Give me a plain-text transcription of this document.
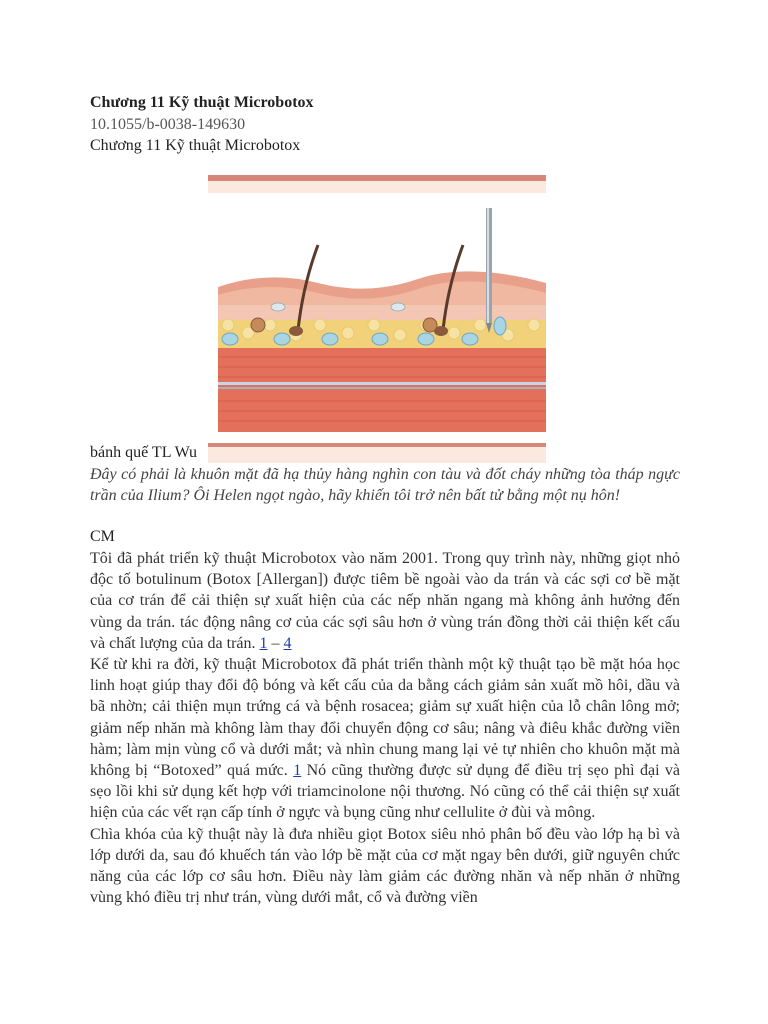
Chương 11 Kỹ thuật Microbotox
10.1055/b-0038-149630
Chương 11 Kỹ thuật Microbotox
bánh quế TL Wu
Đây có phải là khuôn mặt đã hạ thủy hàng nghìn con tàu và đốt cháy những tòa tháp ngực trần của Ilium? Ôi Helen ngọt ngào, hãy khiến tôi trở nên bất tử bằng một nụ hôn!
CM

Tôi đã phát triển kỹ thuật Microbotox vào năm 2001. Trong quy trình này, những giọt nhỏ độc tố botulinum (Botox [Allergan]) được tiêm bề ngoài vào da trán và các sợi cơ bề mặt của cơ trán để cải thiện sự xuất hiện của các nếp nhăn ngang mà không ảnh hưởng đến vùng da trán. tác động nâng cơ của các sợi sâu hơn ở vùng trán đồng thời cải thiện kết cấu và chất lượng của da trán. 1 – 4

Kể từ khi ra đời, kỹ thuật Microbotox đã phát triển thành một kỹ thuật tạo bề mặt hóa học linh hoạt giúp thay đổi độ bóng và kết cấu của da bằng cách giảm sản xuất mồ hôi, dầu và bã nhờn; cải thiện mụn trứng cá và bệnh rosacea; giảm sự xuất hiện của lỗ chân lông mở; giảm nếp nhăn mà không làm thay đổi chuyển động cơ sâu; nâng và điêu khắc đường viền hàm; làm mịn vùng cổ và dưới mắt; và nhìn chung mang lại vẻ tự nhiên cho khuôn mặt mà không bị “Botoxed” quá mức. 1 Nó cũng thường được sử dụng để điều trị sẹo phì đại và sẹo lồi khi sử dụng kết hợp với triamcinolone nội thương. Nó cũng có thể cải thiện sự xuất hiện của các vết rạn cấp tính ở ngực và bụng cũng như cellulite ở đùi và mông.

Chìa khóa của kỹ thuật này là đưa nhiều giọt Botox siêu nhỏ phân bố đều vào lớp hạ bì và lớp dưới da, sau đó khuếch tán vào lớp bề mặt của cơ mặt ngay bên dưới, giữ nguyên chức năng của các lớp cơ sâu hơn. Điều này làm giảm các đường nhăn và nếp nhăn ở những vùng khó điều trị như trán, vùng dưới mắt, cổ và đường viền
